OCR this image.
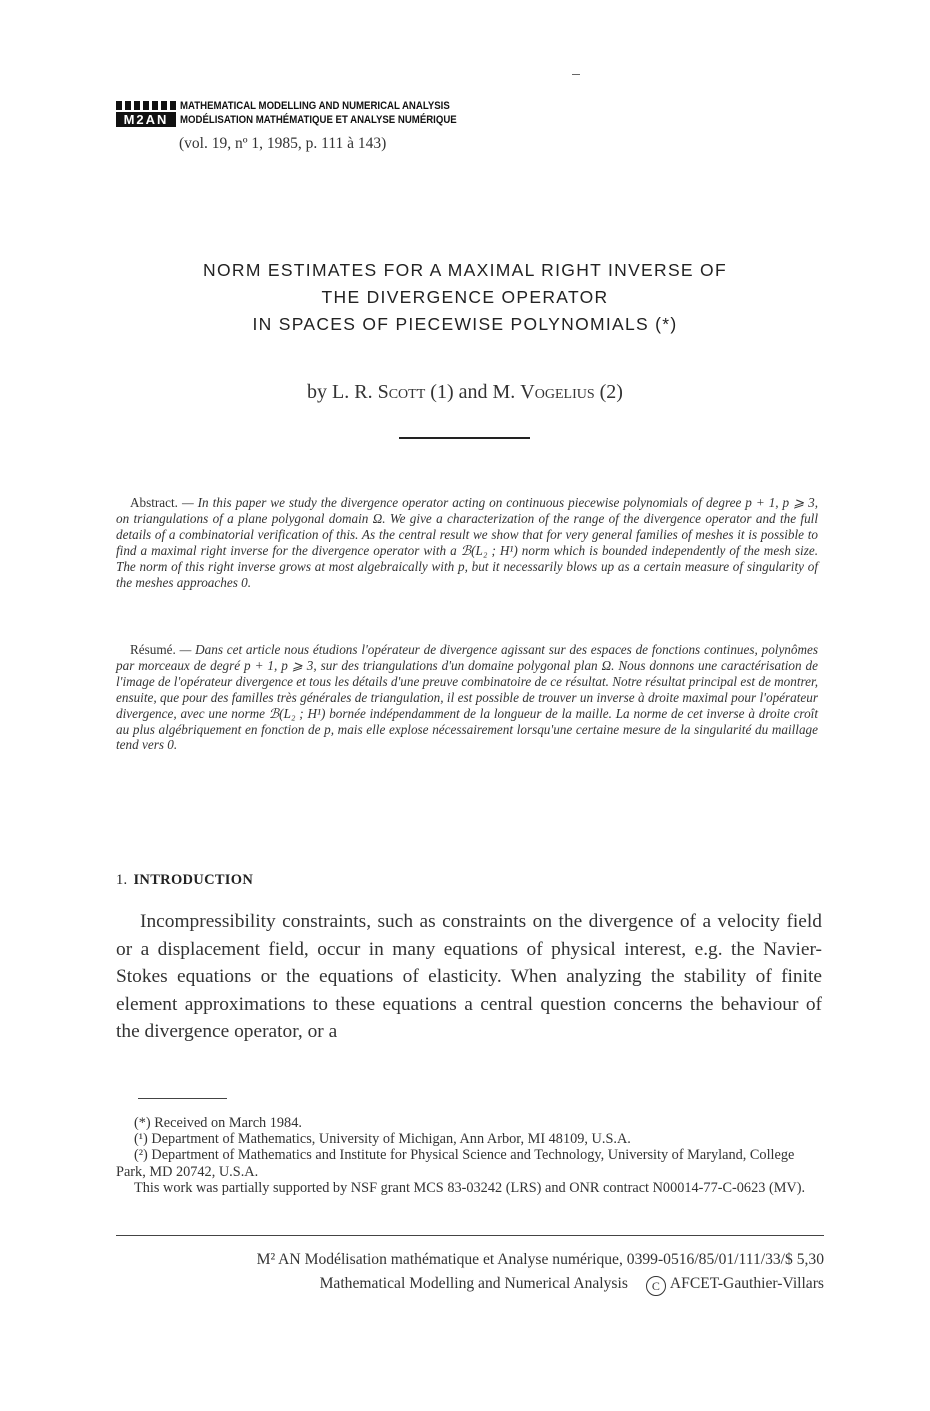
M2AN
MATHEMATICAL MODELLING AND NUMERICAL ANALYSIS
MODÉLISATION MATHÉMATIQUE ET ANALYSE NUMÉRIQUE
(vol. 19, nº 1, 1985, p. 111 à 143)
NORM ESTIMATES FOR A MAXIMAL RIGHT INVERSE OF
THE DIVERGENCE OPERATOR
IN SPACES OF PIECEWISE POLYNOMIALS (*)
by L. R. Scott (1) and M. Vogelius (2)

Abstract. — In this paper we study the divergence operator acting on continuous piecewise polynomials of degree p + 1, p ⩾ 3, on triangulations of a plane polygonal domain Ω. We give a characterization of the range of the divergence operator and the full details of a combinatorial verification of this. As the central result we show that for very general families of meshes it is possible to find a maximal right inverse for the divergence operator with a ℬ(L₂ ; H¹) norm which is bounded independently of the mesh size. The norm of this right inverse grows at most algebraically with p, but it necessarily blows up as a certain measure of singularity of the meshes approaches 0.

Résumé. — Dans cet article nous étudions l'opérateur de divergence agissant sur des espaces de fonctions continues, polynômes par morceaux de degré p + 1, p ⩾ 3, sur des triangulations d'un domaine polygonal plan Ω. Nous donnons une caractérisation de l'image de l'opérateur divergence et tous les détails d'une preuve combinatoire de ce résultat. Notre résultat principal est de montrer, ensuite, que pour des familles très générales de triangulation, il est possible de trouver un inverse à droite maximal pour l'opérateur divergence, avec une norme ℬ(L₂ ; H¹) bornée indépendamment de la longueur de la maille. La norme de cet inverse à droite croît au plus algébriquement en fonction de p, mais elle explose nécessairement lorsqu'une certaine mesure de la singularité du maillage tend vers 0.

1. INTRODUCTION

Incompressibility constraints, such as constraints on the divergence of a velocity field or a displacement field, occur in many equations of physical interest, e.g. the Navier-Stokes equations or the equations of elasticity. When analyzing the stability of finite element approximations to these equations a central question concerns the behaviour of the divergence operator, or a

(*) Received on March 1984.

(¹) Department of Mathematics, University of Michigan, Ann Arbor, MI 48109, U.S.A.

(²) Department of Mathematics and Institute for Physical Science and Technology, University of Maryland, College Park, MD 20742, U.S.A.

This work was partially supported by NSF grant MCS 83-03242 (LRS) and ONR contract N00014-77-C-0623 (MV).

M² AN Modélisation mathématique et Analyse numérique, 0399-0516/85/01/111/33/$ 5,30
Mathematical Modelling and Numerical Analysis C AFCET-Gauthier-Villars
